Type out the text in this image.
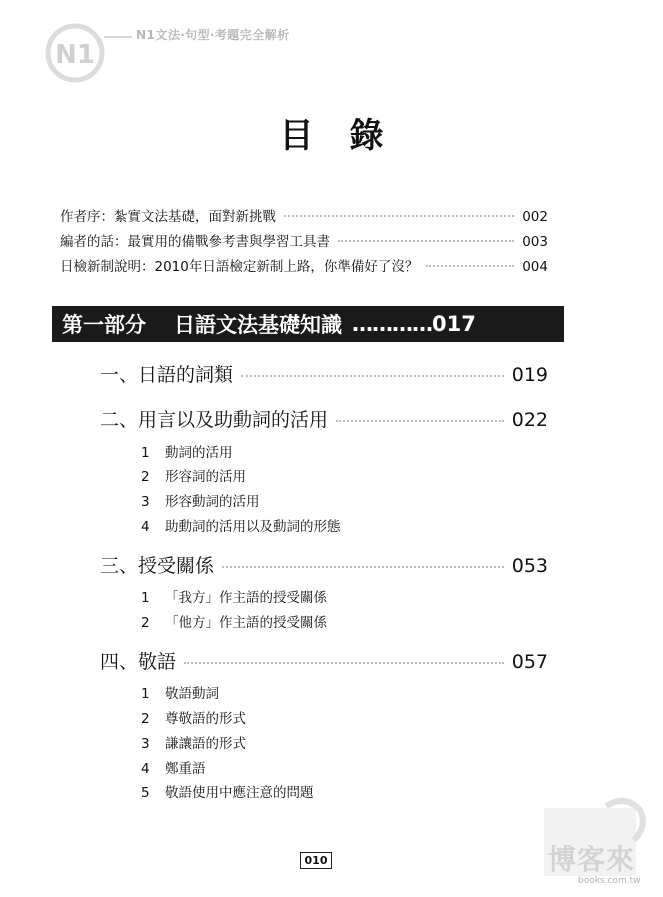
N1
N1文法‧句型‧考題完全解析
目錄
作者序：紮實文法基礎，面對新挑戰	002
編者的話：最實用的備戰參考書與學習工具書	003
日檢新制說明：2010年日語檢定新制上路，你準備好了沒？	004
第一部分 日語文法基礎知識 ………… 017
一、日語的詞類	019
二、用言以及助動詞的活用	022
1 動詞的活用
2 形容詞的活用
3 形容動詞的活用
4 助動詞的活用以及動詞的形態
三、授受關係	053
1 「我方」作主語的授受關係
2 「他方」作主語的授受關係
四、敬語	057
1 敬語動詞
2 尊敬語的形式
3 謙讓語的形式
4 鄭重語
5 敬語使用中應注意的問題
010	博客來
books.com.tw
